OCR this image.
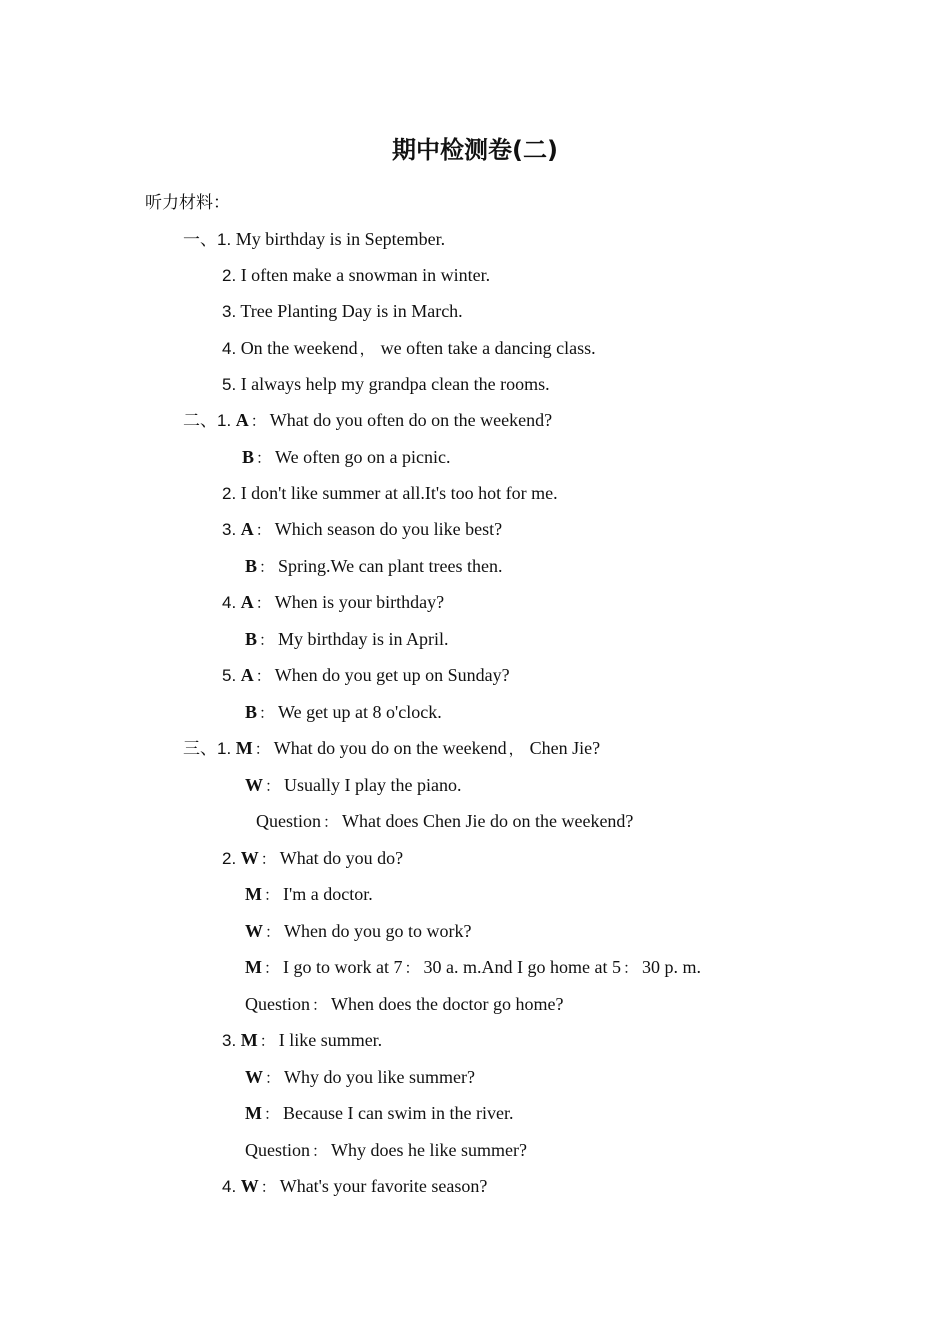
期中检测卷(二)
听力材料：
一、1. My birthday is in September.
2. I often make a snowman in winter.
3. Tree Planting Day is in March.
4. On the weekend ， we often take a dancing class.
5. I always help my grandpa clean the rooms.
二、1. A ： What do you often do on the weekend?
B ： We often go on a picnic.
2. I don't like summer at all.It's too hot for me.
3. A ： Which season do you like best?
B ： Spring.We can plant trees then.
4. A ： When is your birthday?
B ： My birthday is in April.
5. A ： When do you get up on Sunday?
B ： We get up at 8 o'clock.
三、1. M ： What do you do on the weekend ， Chen Jie?
W ： Usually I play the piano.
Question ： What does Chen Jie do on the weekend?
2. W ： What do you do?
M ： I'm a doctor.
W ： When do you go to work?
M ： I go to work at 7 ： 30 a. m.And I go home at 5 ： 30 p. m.
Question ： When does the doctor go home?
3. M ： I like summer.
W ： Why do you like summer?
M ： Because I can swim in the river.
Question ： Why does he like summer?
4. W ： What's your favorite season?
